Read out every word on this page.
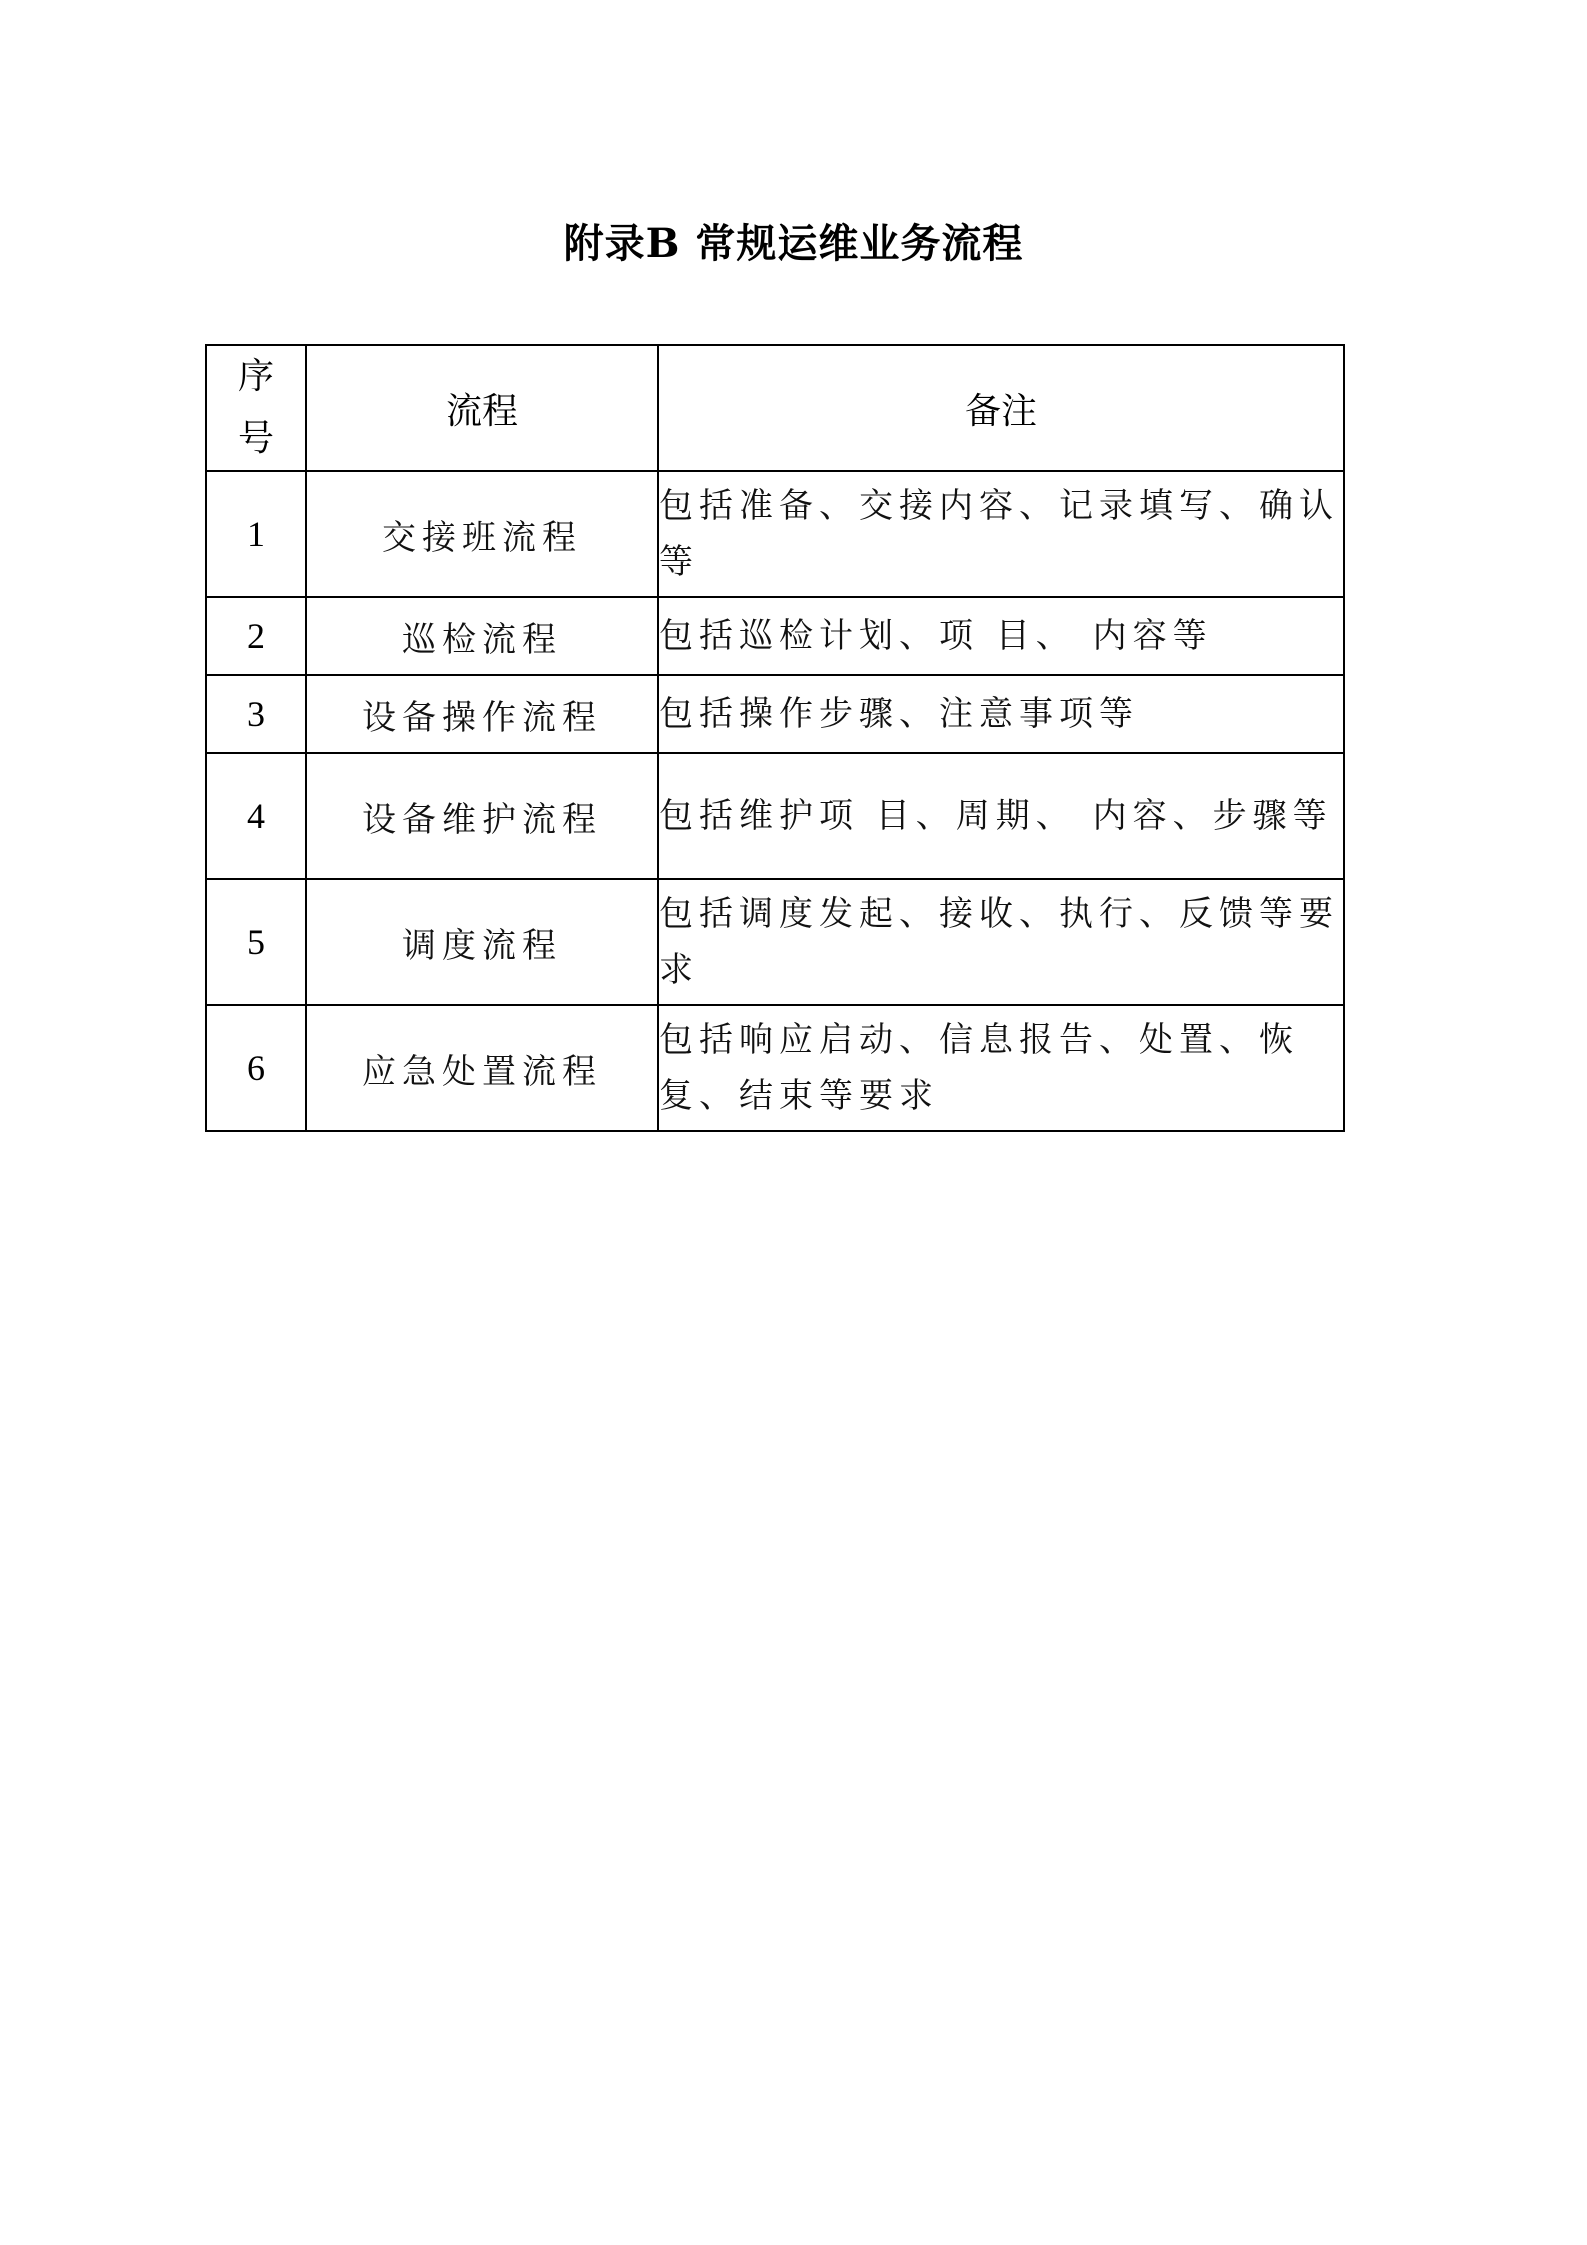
附录B 常规运维业务流程
序
号	流程	备注
1	交接班流程	包括准备、交接内容、记录填写、确认等
2	巡检流程	包括巡检计划、项 目、 内容等
3	设备操作流程	包括操作步骤、注意事项等
4	设备维护流程	包括维护项 目、周期、 内容、步骤等
5	调度流程	包括调度发起、接收、执行、反馈等要求
6	应急处置流程	包括响应启动、信息报告、处置、恢复、结束等要求
